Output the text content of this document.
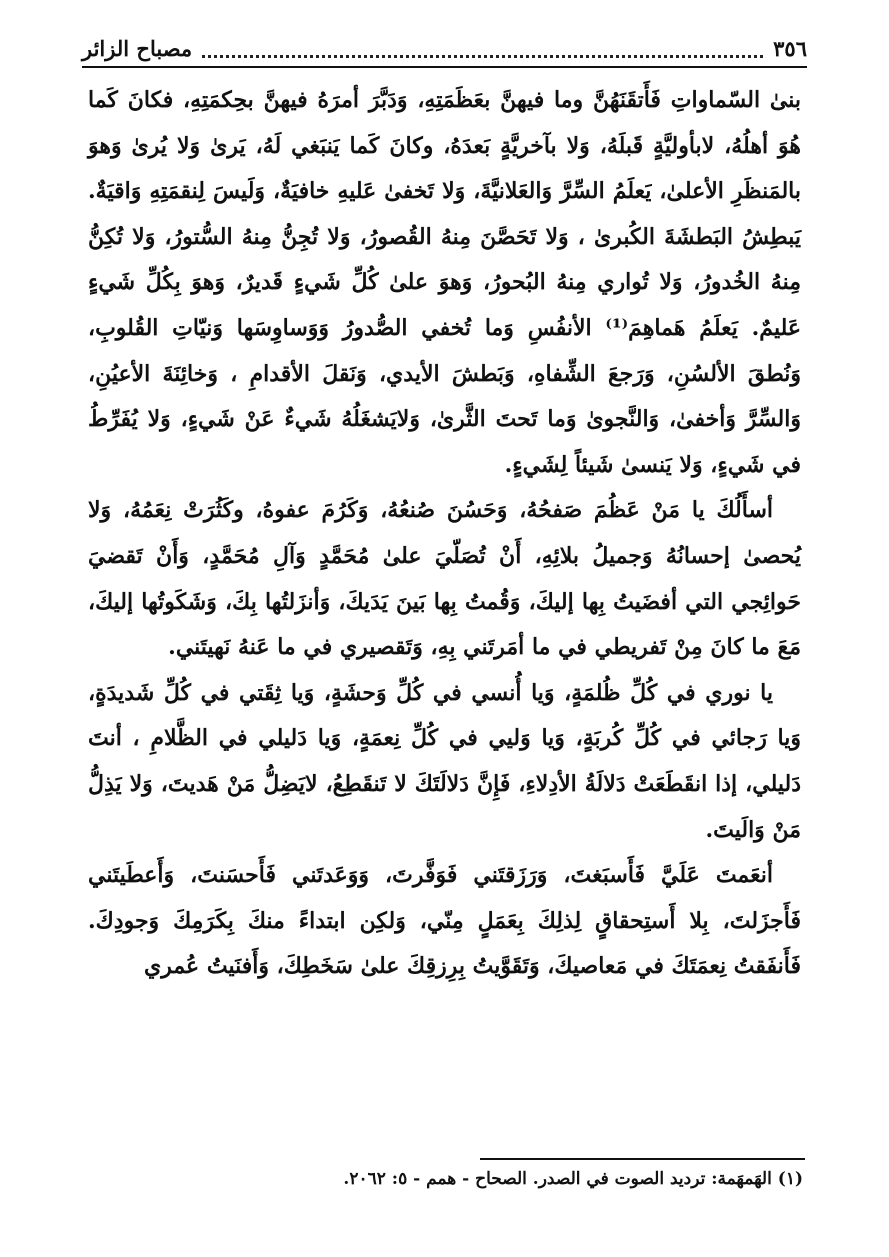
٣٥٦
مصباح الزائر

بنىٰ السّماواتِ فَأَتقَنَهُنَّ وما فيهنَّ بعَظَمَتِهِ، وَدَبَّرَ أمرَهُ فيهنَّ بحِكمَتِهِ، فكانَ كَما هُوَ أهلُهُ، لابأوليَّةٍ قَبلَهُ، وَلا بآخريَّةٍ بَعدَهُ، وكانَ كَما يَنبَغي لَهُ، يَرىٰ وَلا يُرىٰ وَهوَ بالمَنظَرِ الأعلىٰ، يَعلَمُ السِّرَّ وَالعَلانيَّةَ، وَلا تَخفىٰ عَليهِ خافيَةٌ، وَلَيسَ لِنقمَتِهِ وَاقيَةٌ. يَبطِشُ البَطشَةَ الكُبرىٰ ، وَلا تَحَصَّنَ مِنهُ القُصورُ، وَلا تُجِنُّ مِنهُ السُّتورُ، وَلا تُكِنُّ مِنهُ الخُدورُ، وَلا تُواري مِنهُ البُحورُ، وَهوَ علىٰ كُلِّ شَيءٍ قَديرٌ، وَهوَ بِكُلِّ شَيءٍ عَليمٌ. يَعلَمُ هَماهِمَ⁽¹⁾ الأنفُسِ وَما تُخفي الصُّدورُ وَوَساوِسَها وَنيّاتِ القُلوبِ، وَنُطقَ الألسُنِ، وَرَجعَ الشِّفاهِ، وَبَطشَ الأيدي، وَنَقلَ الأقدامِ ، وَخائِنَةَ الأعيُنِ، وَالسِّرَّ وَأخفىٰ، وَالنَّجوىٰ وَما تَحتَ الثَّرىٰ، وَلايَشغَلُهُ شَيءٌ عَنْ شَيءٍ، وَلا يُفَرِّطُ في شَيءٍ، وَلا يَنسىٰ شَيئاً لِشَيءٍ.

أسأَلُكَ يا مَنْ عَظُمَ صَفحُهُ، وَحَسُنَ صُنعُهُ، وَكَرُمَ عفوهُ، وكَثُرَتْ نِعَمُهُ، وَلا يُحصىٰ إحسانُهُ وَجميلُ بلائِهِ، أَنْ تُصَلّيَ علىٰ مُحَمَّدٍ وَآلِ مُحَمَّدٍ، وَأَنْ تَقضيَ حَوائِجي التي أفضَيتُ بِها إليكَ، وَقُمتُ بِها بَينَ يَدَيكَ، وَأنزَلتُها بِكَ، وَشَكَوتُها إليكَ، مَعَ ما كانَ مِنْ تَفريطي في ما أمَرتَني بِهِ، وَتَقصيري في ما عَنهُ نَهيتَني.

يا نوري في كُلِّ ظُلمَةٍ، وَيا أُنسي في كُلِّ وَحشَةٍ، وَيا ثِقَتي في كُلِّ شَديدَةٍ، وَيا رَجائي في كُلِّ كُربَةٍ، وَيا وَليي في كُلِّ نِعمَةٍ، وَيا دَليلي في الظَّلامِ ، أنتَ دَليلي، إذا انقَطَعَتْ دَلالَةُ الأدِلاءِ، فَإِنَّ دَلالَتَكَ لا تَنقَطِعُ، لايَضِلُّ مَنْ هَديتَ، وَلا يَذِلُّ مَنْ وَالَيتَ.

أنعَمتَ عَلَيَّ فَأَسبَغتَ، وَرَزَقتَني فَوَفَّرتَ، وَوَعَدتَني فَأَحسَنتَ، وَأَعطَيتَني فَأَجزَلتَ، بِلا أَستِحقاقٍ لِذلِكَ بِعَمَلٍ مِنّي، وَلكِن ابتداءً منكَ بِكَرَمِكَ وَجودِكَ. فَأَنفَقتُ نِعمَتَكَ في مَعاصيكَ، وَتَقَوَّيتُ بِرِزقِكَ علىٰ سَخَطِكَ، وَأَفنَيتُ عُمري

(١) الهَمهَمة: ترديد الصوت في الصدر. الصحاح - همم - ٥: ٢٠٦٢.
